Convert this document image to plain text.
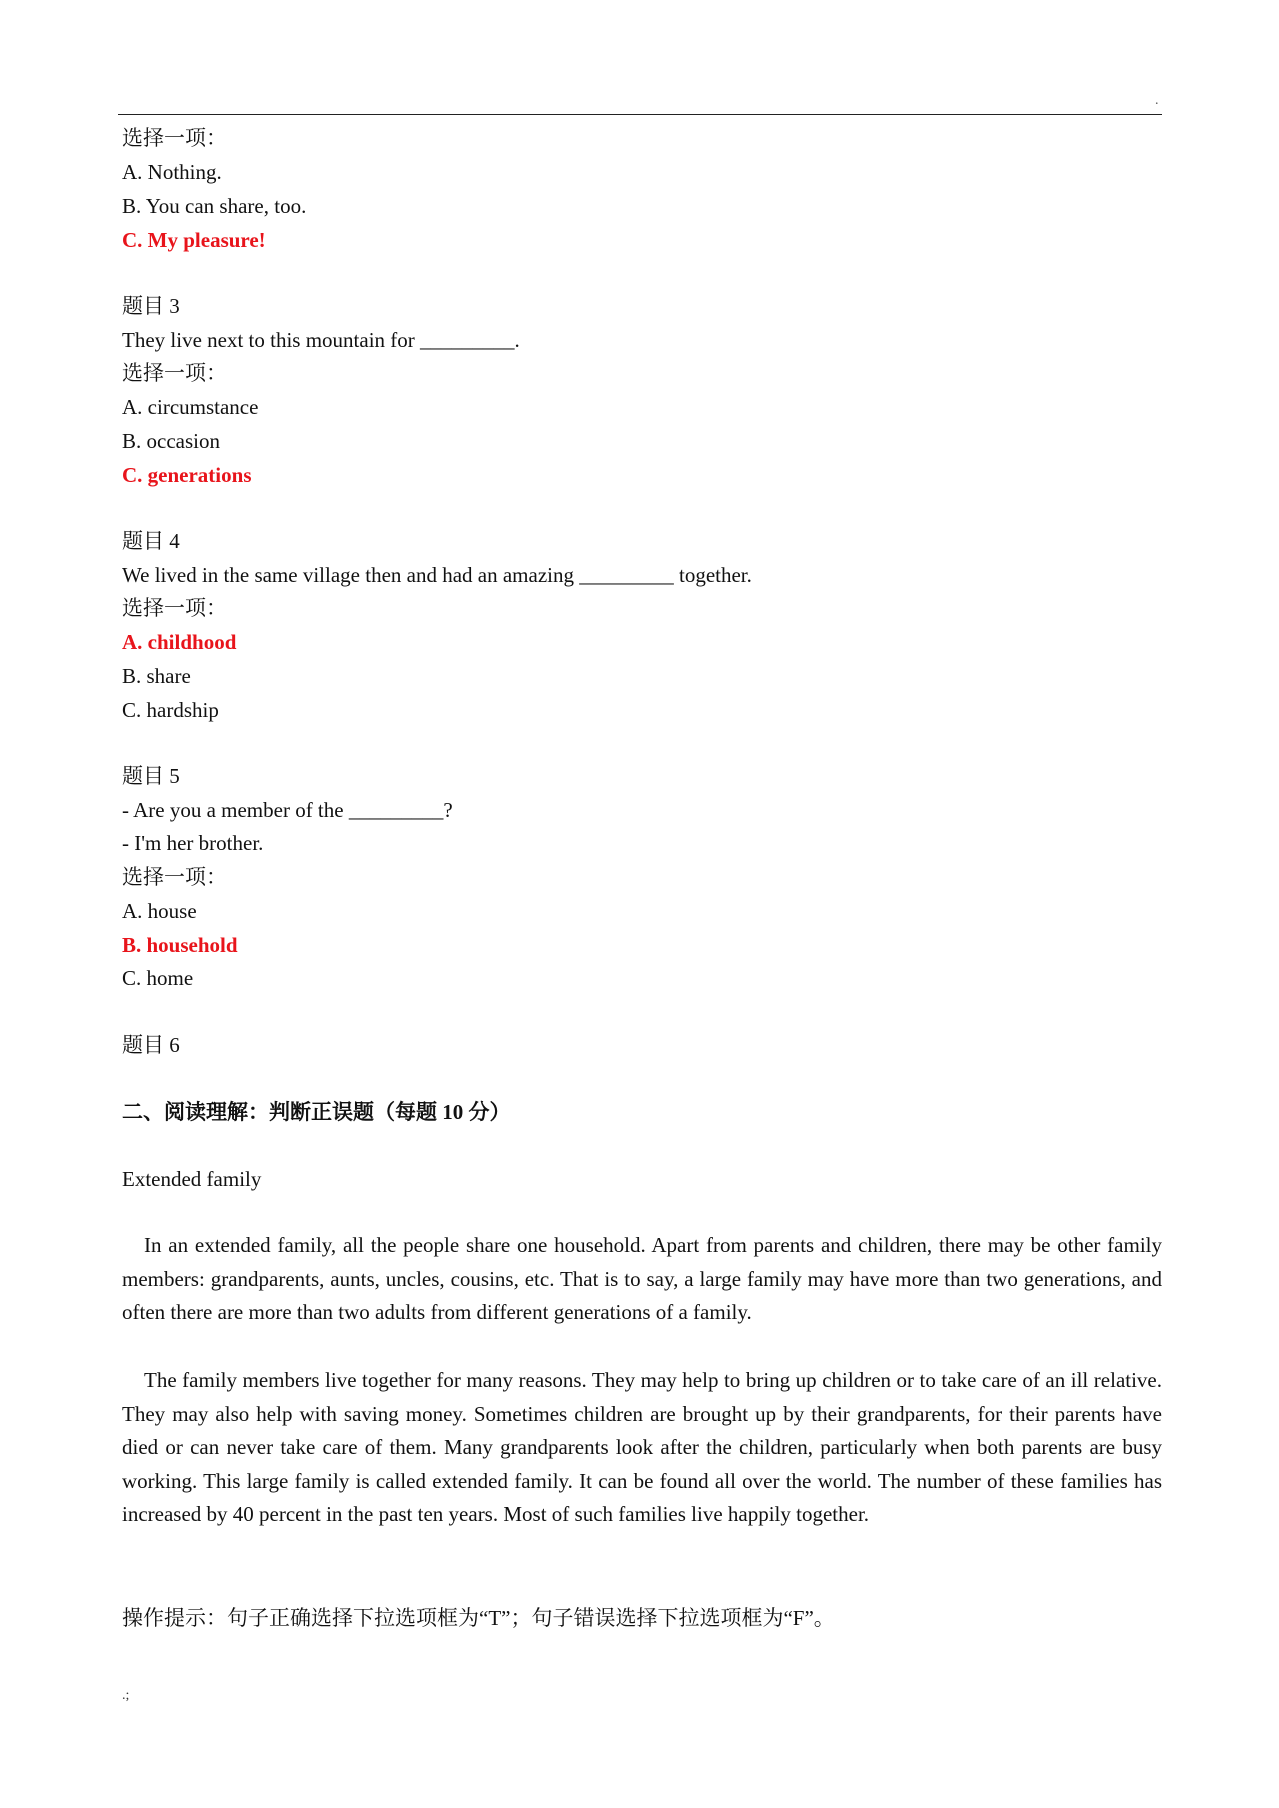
.
选择一项：
A. Nothing.
B. You can share, too.
C. My pleasure!
题目 3
They live next to this mountain for _________.
选择一项：
A. circumstance
B. occasion
C. generations
题目 4
We lived in the same village then and had an amazing _________ together.
选择一项：
A. childhood
B. share
C. hardship
题目 5
- Are you a member of the _________?
- I'm her brother.
选择一项：
A. house
B. household
C. home
题目 6
二、阅读理解：判断正误题（每题 10 分）
Extended family
In an extended family, all the people share one household. Apart from parents and children, there may be other family members: grandparents, aunts, uncles, cousins, etc. That is to say, a large family may have more than two generations, and often there are more than two adults from different generations of a family.
The family members live together for many reasons. They may help to bring up children or to take care of an ill relative. They may also help with saving money. Sometimes children are brought up by their grandparents, for their parents have died or can never take care of them. Many grandparents look after the children, particularly when both parents are busy working. This large family is called extended family. It can be found all over the world. The number of these families has increased by 40 percent in the past ten years. Most of such families live happily together.
操作提示：句子正确选择下拉选项框为“T”；句子错误选择下拉选项框为“F”。
.;
